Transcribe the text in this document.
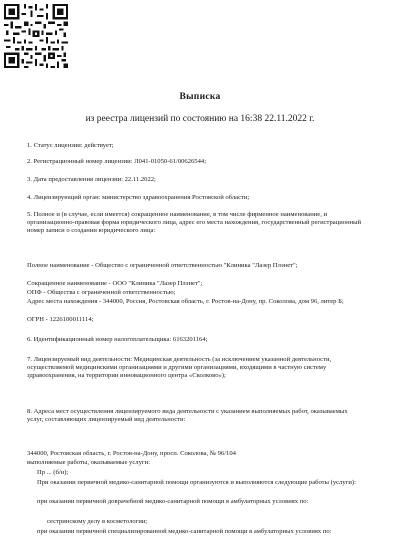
Выписка
из реестра лицензий по состоянию на 16:38 22.11.2022 г.
1. Статус лицензии: действует;
2. Регистрационный номер лицензии: Л041-01050-61/00626544;
3. Дата предоставления лицензии: 22.11.2022;
4. Лицензирующий орган: министерство здравоохранения Ростовской области;
5. Полное и (в случае, если имеется) сокращенное наименование, в том числе фирменное наименование, и организационно-правовая форма юридического лица, адрес его места нахождения, государственный регистрационный номер записи о создании юридического лица:
Полное наименование - Общество с ограниченной ответственностью "Клиника "Лазер Плэнет";
Сокращенное наименование - ООО "Клиника "Лазер Плэнет";
ОПФ - Общества с ограниченной ответственностью;
Адрес места нахождения - 344000, Россия, Ростовская область, г. Ростов-на-Дону, пр. Соколова, дом 96, литер Б;
ОГРН - 1226100011114;
6. Идентификационный номер налогоплательщика: 6163201164;
7. Лицензируемый вид деятельности: Медицинская деятельность (за исключением указанной деятельности, осуществляемой медицинскими организациями и другими организациями, входящими в частную систему здравоохранения, на территории инновационного центра «Сколково»);
8. Адреса мест осуществления лицензируемого вида деятельности с указанием выполняемых работ, оказываемых услуг, составляющих лицензируемый вид деятельности:
344000, Ростовская область, г. Ростов-на-Дону, просп. Соколова, № 96/104
выполняемые работы, оказываемые услуги:
Пр ... (б/н);
При оказании первичной медико-санитарной помощи организуются и выполняются следующие работы (услуги):
при оказании первичной доврачебной медико-санитарной помощи в амбулаторных условиях по:
сестринскому делу в косметологии;
при оказании первичной специализированной медико-санитарной помощи в амбулаторных условиях по:
